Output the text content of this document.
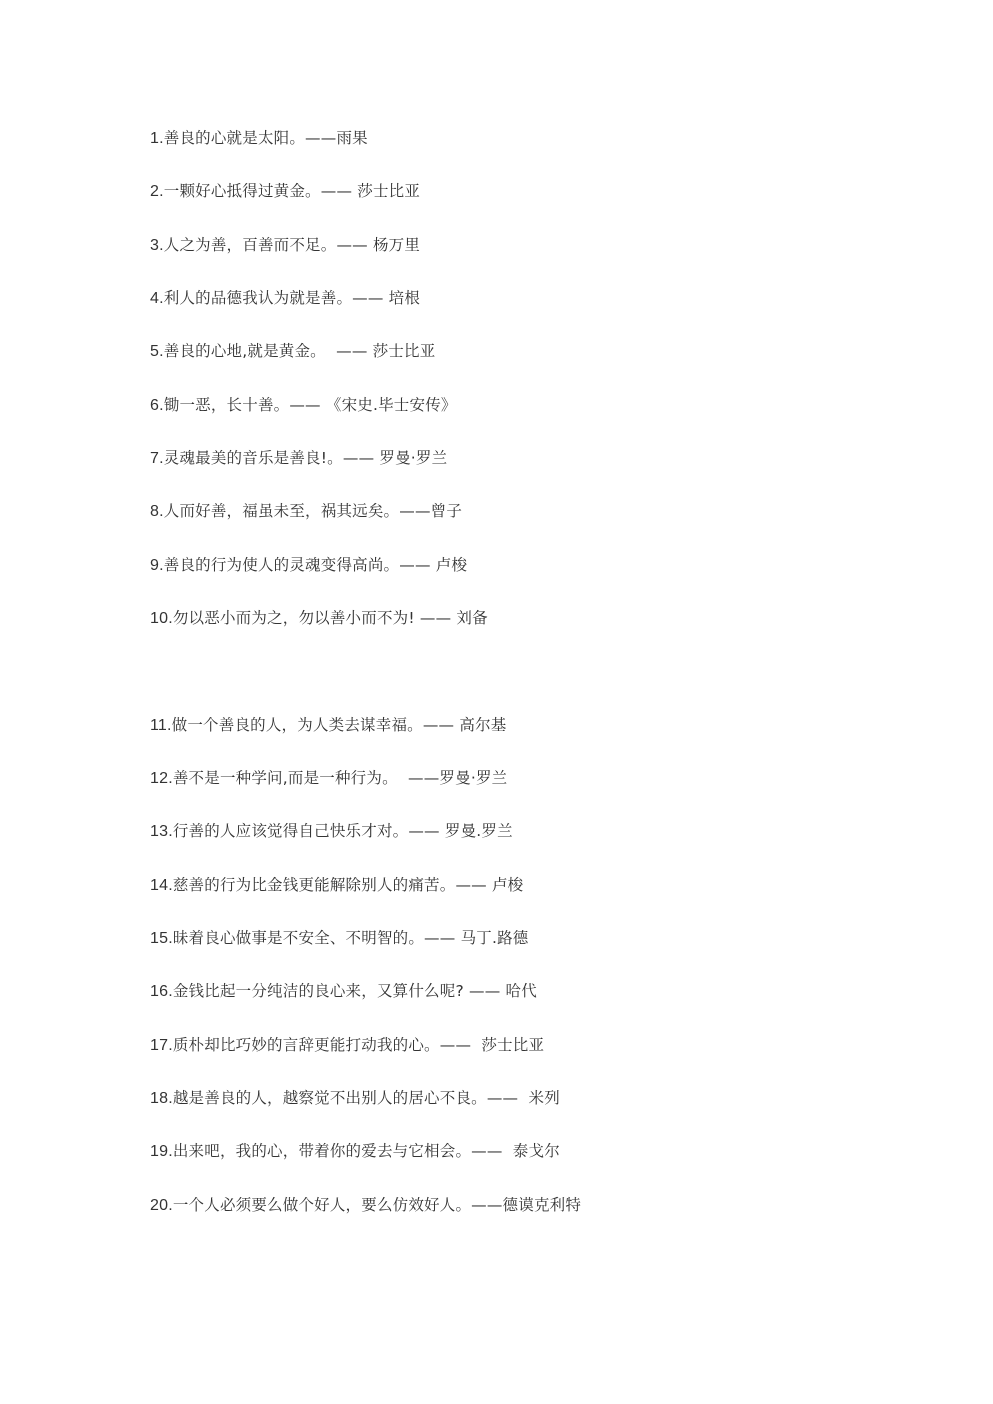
1.善良的心就是太阳。——雨果
2.一颗好心抵得过黄金。—— 莎士比亚
3.人之为善，百善而不足。—— 杨万里
4.利人的品德我认为就是善。—— 培根
5.善良的心地,就是黄金。  —— 莎士比亚
6.锄一恶，长十善。—— 《宋史.毕士安传》
7.灵魂最美的音乐是善良!。—— 罗曼·罗兰
8.人而好善，福虽未至，祸其远矣。——曾子
9.善良的行为使人的灵魂变得高尚。—— 卢梭
10.勿以恶小而为之，勿以善小而不为! —— 刘备
11.做一个善良的人，为人类去谋幸福。—— 高尔基
12.善不是一种学问,而是一种行为。  ——罗曼·罗兰
13.行善的人应该觉得自己快乐才对。—— 罗曼.罗兰
14.慈善的行为比金钱更能解除别人的痛苦。—— 卢梭
15.昧着良心做事是不安全、不明智的。—— 马丁.路德
16.金钱比起一分纯洁的良心来，又算什么呢? —— 哈代
17.质朴却比巧妙的言辞更能打动我的心。——  莎士比亚
18.越是善良的人，越察觉不出别人的居心不良。——  米列
19.出来吧，我的心，带着你的爱去与它相会。——  泰戈尔
20.一个人必须要么做个好人，要么仿效好人。——德谟克利特
